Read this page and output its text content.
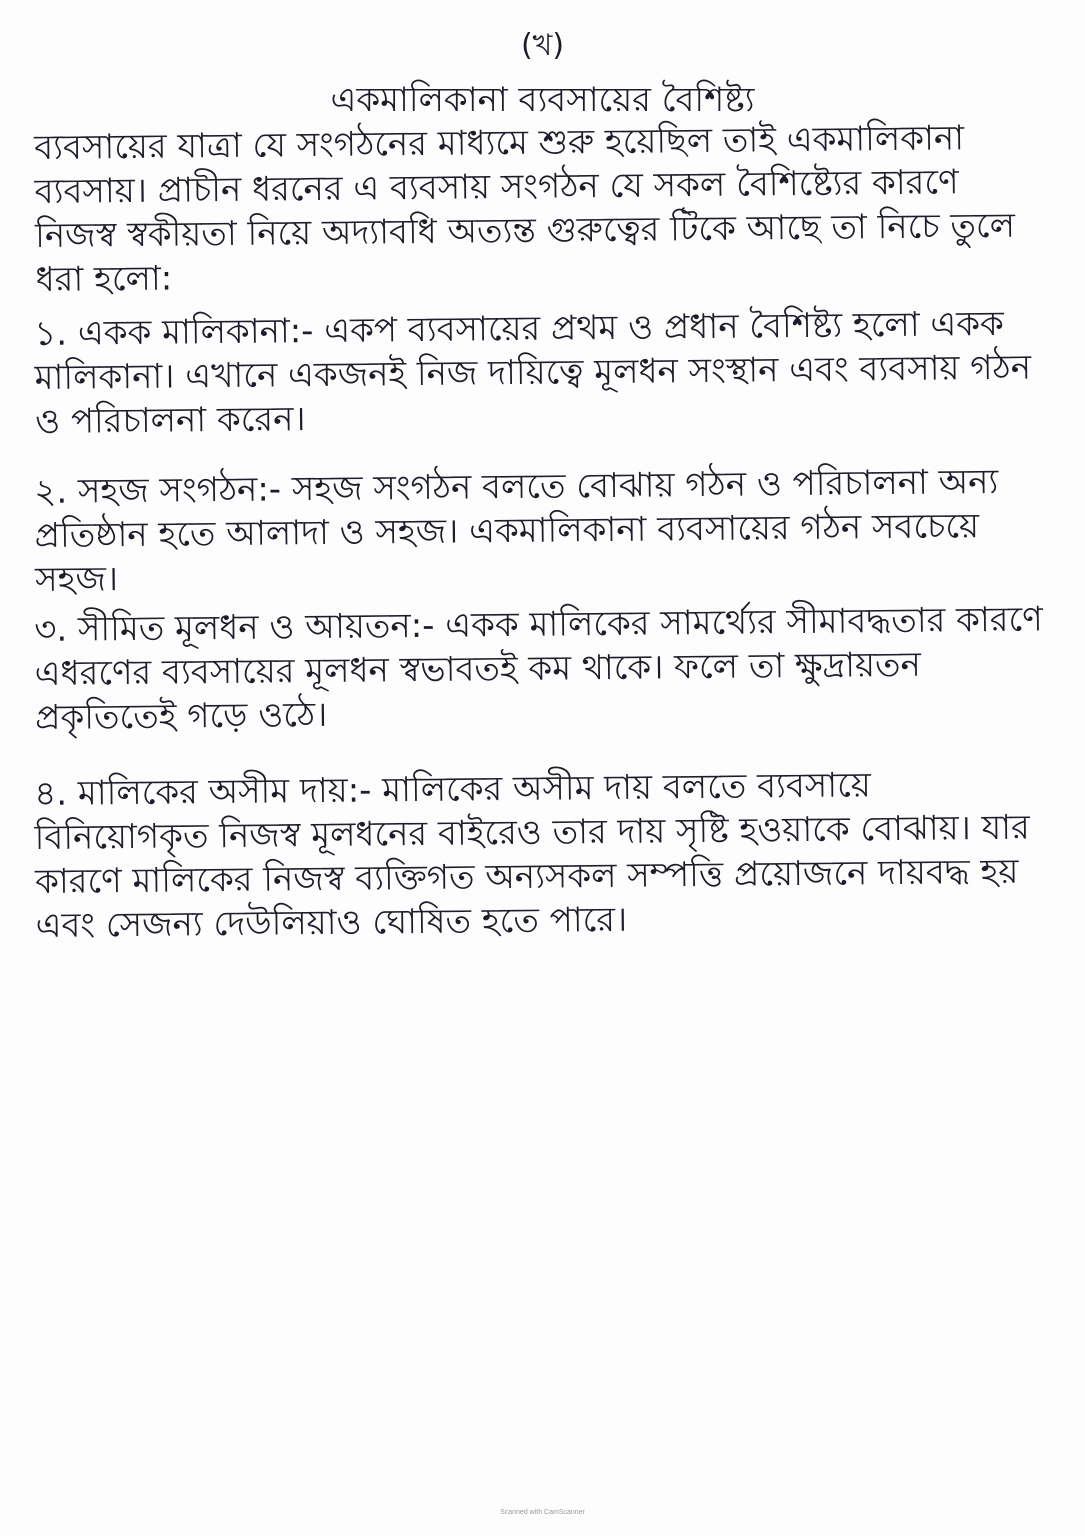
(খ)
একমালিকানা ব্যবসায়ের বৈশিষ্ট্য

ব্যবসায়ের যাত্রা যে সংগঠনের মাধ্যমে শুরু হয়েছিল তাই একমালিকানা ব্যবসায়। প্রাচীন ধরনের এ ব্যবসায় সংগঠন যে সকল বৈশিষ্ট্যের কারণে নিজস্ব স্বকীয়তা নিয়ে অদ্যাবধি অত্যন্ত গুরুত্বের টিকে আছে তা নিচে তুলে ধরা হলো:

১. একক মালিকানা:- একপ ব্যবসায়ের প্রথম ও প্রধান বৈশিষ্ট্য হলো একক মালিকানা। এখানে একজনই নিজ দায়িত্বে মূলধন সংস্থান এবং ব্যবসায় গঠন ও পরিচালনা করেন।

২. সহজ সংগঠন:- সহজ সংগঠন বলতে বোঝায় গঠন ও পরিচালনা অন্য প্রতিষ্ঠান হতে আলাদা ও সহজ। একমালিকানা ব্যবসায়ের গঠন সবচেয়ে সহজ।

৩. সীমিত মূলধন ও আয়তন:- একক মালিকের সামর্থ্যের সীমাবদ্ধতার কারণে এধরণের ব্যবসায়ের মূলধন স্বভাবতই কম থাকে। ফলে তা ক্ষুদ্রায়তন প্রকৃতিতেই গড়ে ওঠে।

৪. মালিকের অসীম দায়:- মালিকের অসীম দায় বলতে ব্যবসায়ে বিনিয়োগকৃত নিজস্ব মূলধনের বাইরেও তার দায় সৃষ্টি হওয়াকে বোঝায়। যার কারণে মালিকের নিজস্ব ব্যক্তিগত অন্যসকল সম্পত্তি প্রয়োজনে দায়বদ্ধ হয় এবং সেজন্য দেউলিয়াও ঘোষিত হতে পারে।

Scanned with CamScanner
